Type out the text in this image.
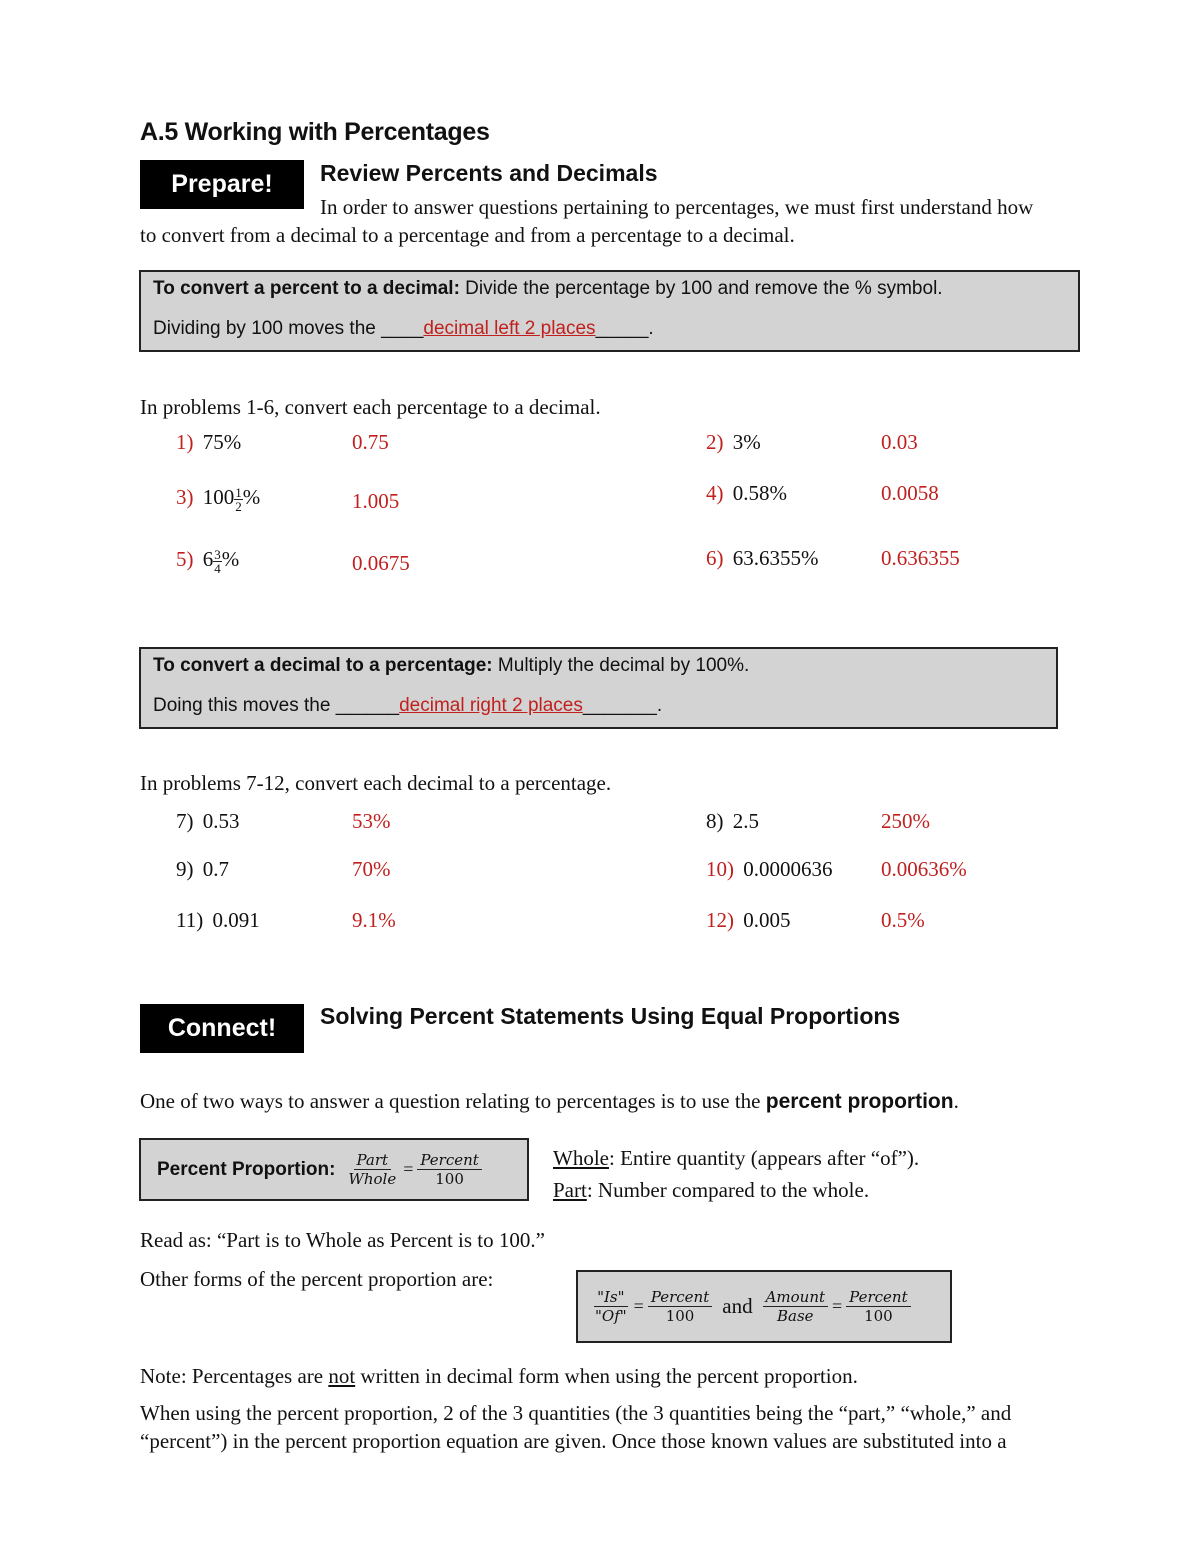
A.5 Working with Percentages
Prepare! Review Percents and Decimals
In order to answer questions pertaining to percentages, we must first understand how
to convert from a decimal to a percentage and from a percentage to a decimal.
To convert a percent to a decimal: Divide the percentage by 100 and remove the % symbol.
Dividing by 100 moves the ____decimal left 2 places_____.
In problems 1-6, convert each percentage to a decimal.
1) 75%	0.75	2) 3%	0.03
3) $100 \frac{1}{2}$ %	1.005	4) 0.58%	0.0058
5) $6 \frac{3}{4}$ %	0.0675	6) 63.6355%	0.636355
To convert a decimal to a percentage: Multiply the decimal by 100%.
Doing this moves the ______decimal right 2 places_______.
In problems 7-12, convert each decimal to a percentage.
7) 0.53	53%	8) 2.5	250%
9) 0.7	70%	10) 0.0000636 0.00636%
11) 0.091	9.1%	12) 0.005	0.5%
Connect! Solving Percent Statements Using Equal Proportions
One of two ways to answer a question relating to percentages is to use the percent proportion.
Percent Proportion: $\frac{\text{Part}}{\text{Whole}} = \frac{\text{Percent}}{100}$	Whole: Entire quantity (appears after “of”).
Part: Number compared to the whole.
Read as: “Part is to Whole as Percent is to 100.”
Other forms of the percent proportion are:
$\frac{"Is"}{"Of"} = \frac{\text{Percent}}{100}$ and $\frac{\text{Amount}}{\text{Base}} = \frac{\text{Percent}}{100}$
Note: Percentages are not written in decimal form when using the percent proportion.
When using the percent proportion, 2 of the 3 quantities (the 3 quantities being the “part,” “whole,” and
“percent”) in the percent proportion equation are given. Once those known values are substituted into a
